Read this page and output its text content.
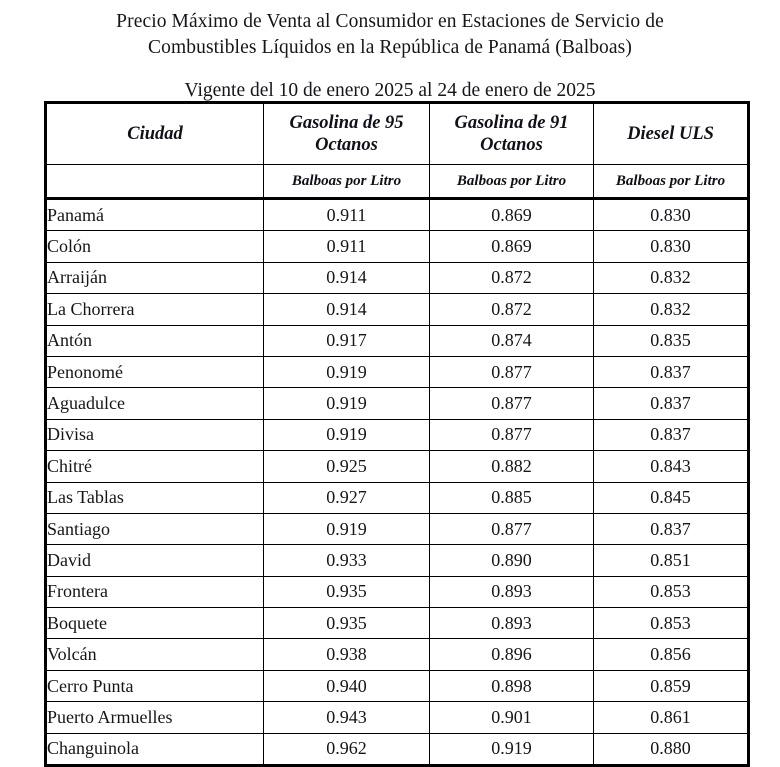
Precio Máximo de Venta al Consumidor en Estaciones de Servicio de
Combustibles Líquidos en la República de Panamá (Balboas)
Vigente del 10 de enero 2025 al 24 de enero de 2025
Ciudad	Gasolina de 95 Octanos	Gasolina de 91 Octanos	Diesel ULS
	Balboas por Litro	Balboas por Litro	Balboas por Litro
Panamá	0.911	0.869	0.830
Colón	0.911	0.869	0.830
Arraiján	0.914	0.872	0.832
La Chorrera	0.914	0.872	0.832
Antón	0.917	0.874	0.835
Penonomé	0.919	0.877	0.837
Aguadulce	0.919	0.877	0.837
Divisa	0.919	0.877	0.837
Chitré	0.925	0.882	0.843
Las Tablas	0.927	0.885	0.845
Santiago	0.919	0.877	0.837
David	0.933	0.890	0.851
Frontera	0.935	0.893	0.853
Boquete	0.935	0.893	0.853
Volcán	0.938	0.896	0.856
Cerro Punta	0.940	0.898	0.859
Puerto Armuelles	0.943	0.901	0.861
Changuinola	0.962	0.919	0.880
